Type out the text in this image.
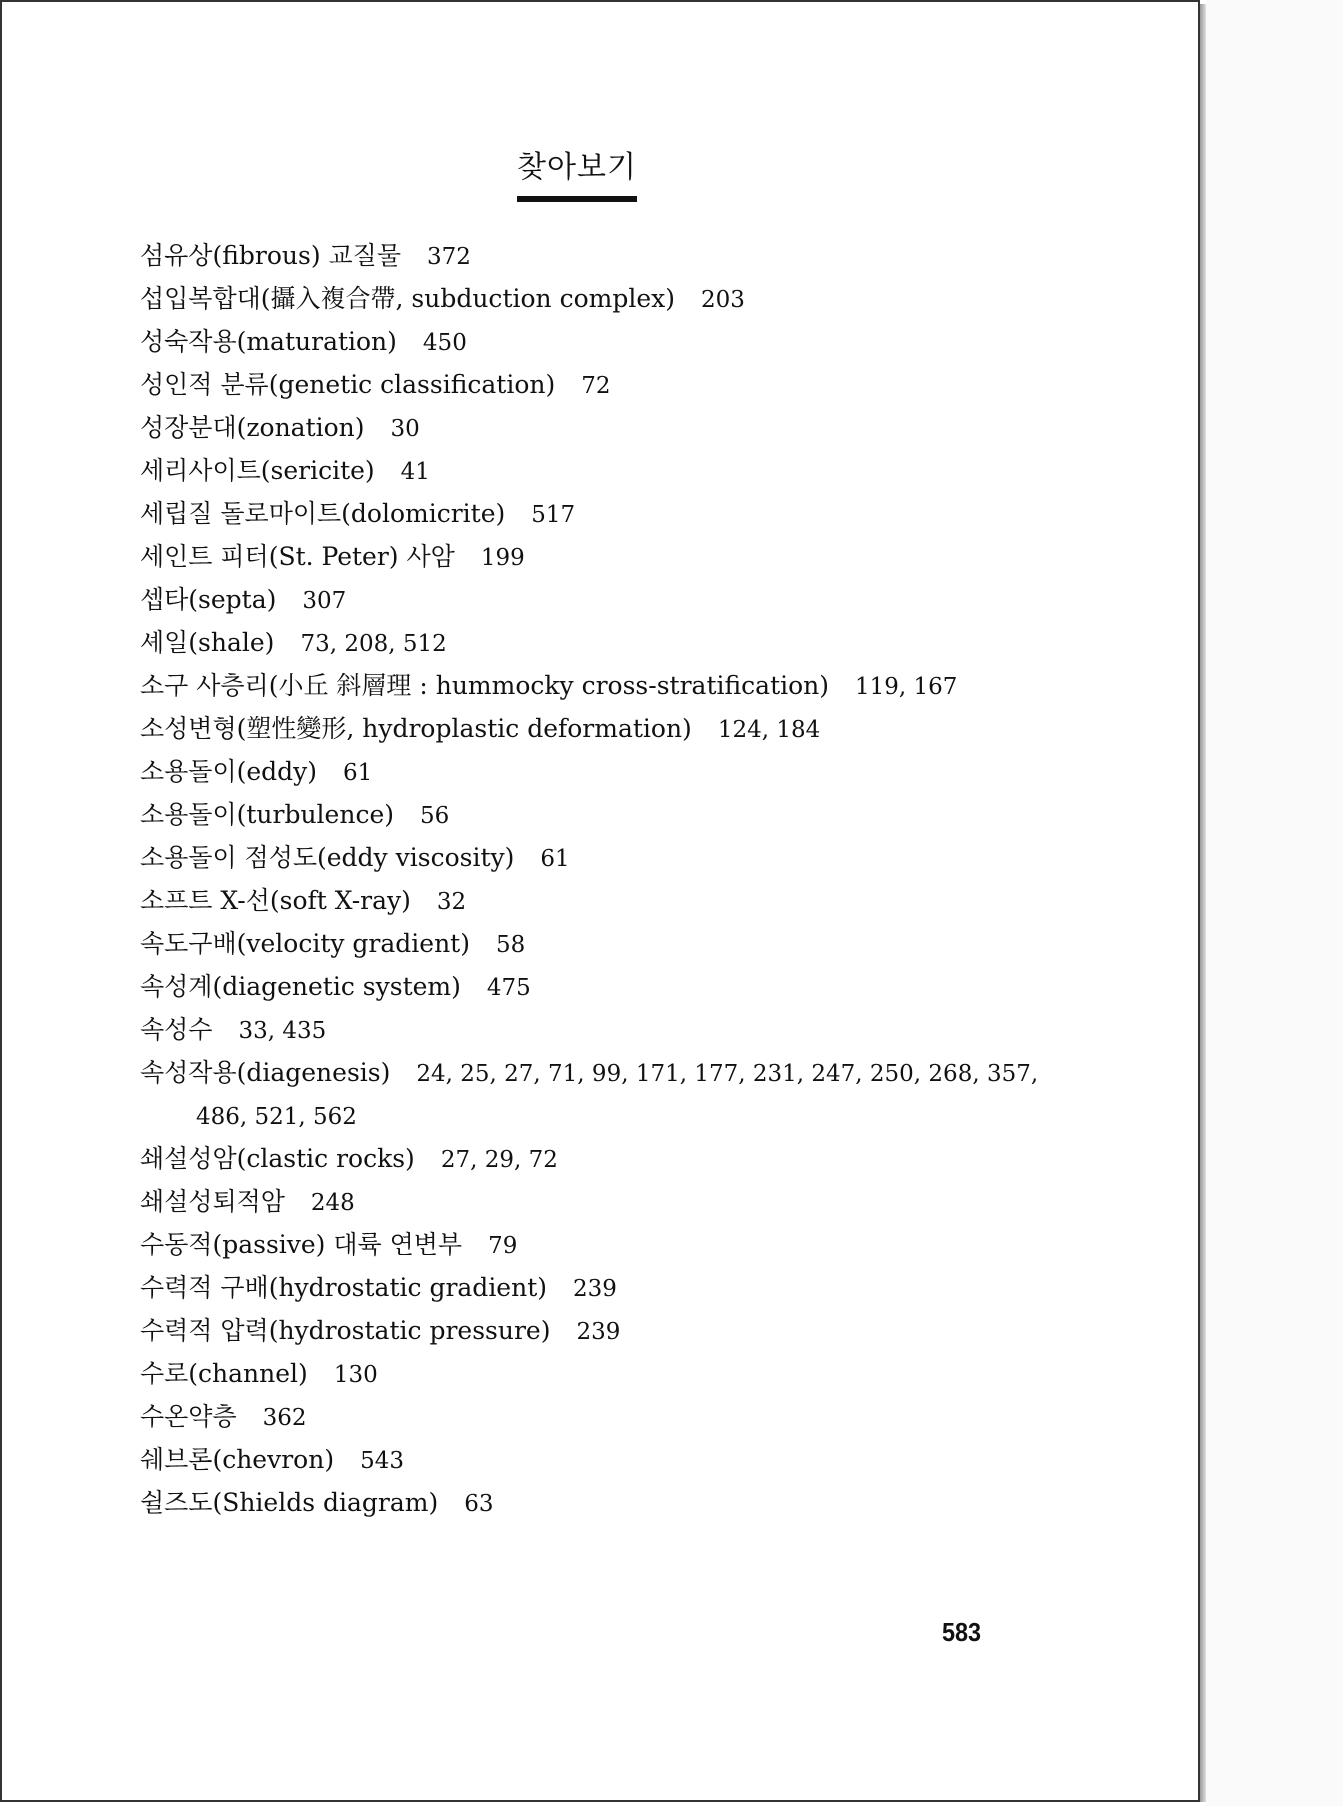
찾아보기
섬유상(fibrous) 교질물 372
섭입복합대(攝入複合帶, subduction complex) 203
성숙작용(maturation) 450
성인적 분류(genetic classification) 72
성장분대(zonation) 30
세리사이트(sericite) 41
세립질 돌로마이트(dolomicrite) 517
세인트 피터(St. Peter) 사암 199
셉타(septa) 307
셰일(shale) 73, 208, 512
소구 사층리(小丘 斜層理 : hummocky cross-stratification) 119, 167
소성변형(塑性變形, hydroplastic deformation) 124, 184
소용돌이(eddy) 61
소용돌이(turbulence) 56
소용돌이 점성도(eddy viscosity) 61
소프트 X-선(soft X-ray) 32
속도구배(velocity gradient) 58
속성계(diagenetic system) 475
속성수 33, 435
속성작용(diagenesis) 24, 25, 27, 71, 99, 171, 177, 231, 247, 250, 268, 357,
486, 521, 562
쇄설성암(clastic rocks) 27, 29, 72
쇄설성퇴적암 248
수동적(passive) 대륙 연변부 79
수력적 구배(hydrostatic gradient) 239
수력적 압력(hydrostatic pressure) 239
수로(channel) 130
수온약층 362
쉐브론(chevron) 543
쉴즈도(Shields diagram) 63
583
